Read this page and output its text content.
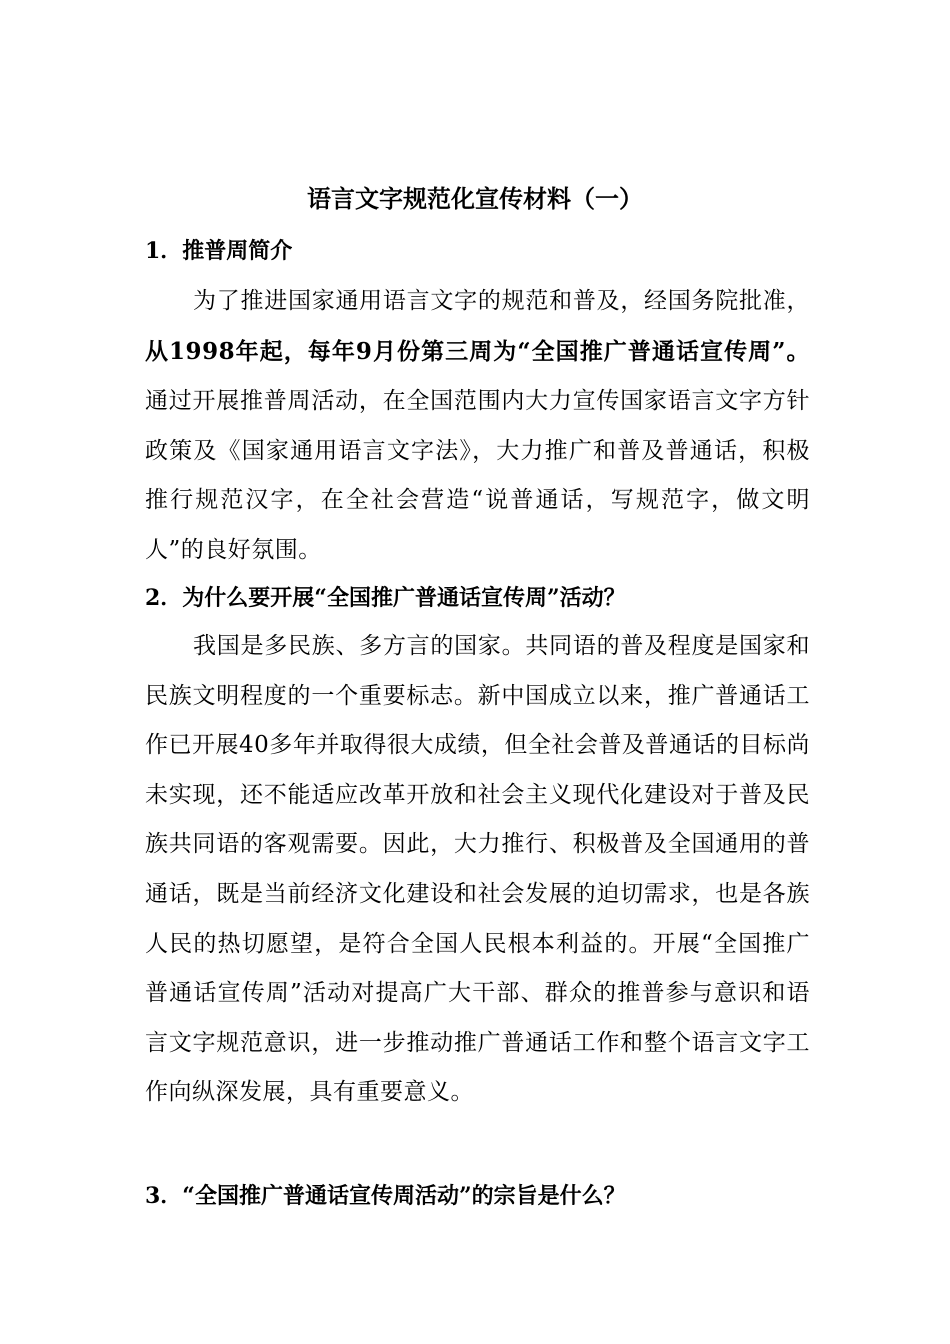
语言文字规范化宣传材料（一）
1．推普周简介
为了推进国家通用语言文字的规范和普及，经国务院批准，从1998年起，每年9月份第三周为“全国推广普通话宣传周”。通过开展推普周活动，在全国范围内大力宣传国家语言文字方针政策及《国家通用语言文字法》，大力推广和普及普通话，积极推行规范汉字，在全社会营造“说普通话，写规范字，做文明人”的良好氛围。
2．为什么要开展“全国推广普通话宣传周”活动？
我国是多民族、多方言的国家。共同语的普及程度是国家和民族文明程度的一个重要标志。新中国成立以来，推广普通话工作已开展40多年并取得很大成绩，但全社会普及普通话的目标尚未实现，还不能适应改革开放和社会主义现代化建设对于普及民族共同语的客观需要。因此，大力推行、积极普及全国通用的普通话，既是当前经济文化建设和社会发展的迫切需求，也是各族人民的热切愿望，是符合全国人民根本利益的。开展“全国推广普通话宣传周”活动对提高广大干部、群众的推普参与意识和语言文字规范意识，进一步推动推广普通话工作和整个语言文字工作向纵深发展，具有重要意义。
3．“全国推广普通话宣传周活动”的宗旨是什么？
